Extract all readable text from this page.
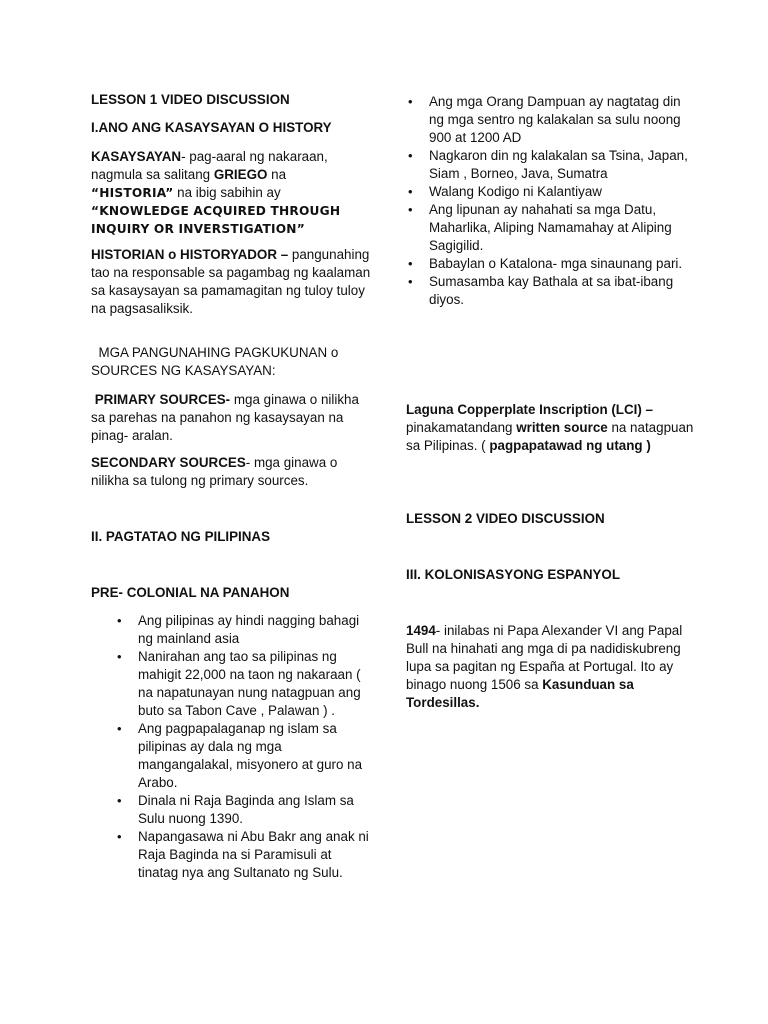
LESSON 1 VIDEO DISCUSSION
I.ANO ANG KASAYSAYAN O HISTORY

KASAYSAYAN- pag-aaral ng nakaraan, nagmula sa salitang GRIEGO na “HISTORIA” na ibig sabihin ay “KNOWLEDGE ACQUIRED THROUGH INQUIRY OR INVERSTIGATION”

HISTORIAN o HISTORYADOR – pangunahing tao na responsable sa pagambag ng kaalaman sa kasaysayan sa pamamagitan ng tuloy tuloy na pagsasaliksik.

MGA PANGUNAHING PAGKUKUNAN o SOURCES NG KASAYSAYAN:

PRIMARY SOURCES- mga ginawa o nilikha sa parehas na panahon ng kasaysayan na pinag- aralan.

SECONDARY SOURCES- mga ginawa o nilikha sa tulong ng primary sources.

II. PAGTATAO NG PILIPINAS
PRE- COLONIAL NA PANAHON
• Ang pilipinas ay hindi nagging bahagi ng mainland asia
• Nanirahan ang tao sa pilipinas ng mahigit 22,000 na taon ng nakaraan ( na napatunayan nung natagpuan ang buto sa Tabon Cave , Palawan ) .
• Ang pagpapalaganap ng islam sa pilipinas ay dala ng mga mangangalakal, misyonero at guro na Arabo.
• Dinala ni Raja Baginda ang Islam sa Sulu nuong 1390.
• Napangasawa ni Abu Bakr ang anak ni Raja Baginda na si Paramisuli at tinatag nya ang Sultanato ng Sulu.
• Ang mga Orang Dampuan ay nagtatag din ng mga sentro ng kalakalan sa sulu noong 900 at 1200 AD
• Nagkaron din ng kalakalan sa Tsina, Japan, Siam , Borneo, Java, Sumatra
• Walang Kodigo ni Kalantiyaw
• Ang lipunan ay nahahati sa mga Datu, Maharlika, Aliping Namamahay at Aliping Sagigilid.
• Babaylan o Katalona- mga sinaunang pari.
• Sumasamba kay Bathala at sa ibat-ibang diyos.

Laguna Copperplate Inscription (LCI) – pinakamatandang written source na natagpuan sa Pilipinas. ( pagpapatawad ng utang )

LESSON 2 VIDEO DISCUSSION
III. KOLONISASYONG ESPANYOL

1494- inilabas ni Papa Alexander VI ang Papal Bull na hinahati ang mga di pa nadidiskubreng lupa sa pagitan ng España at Portugal. Ito ay binago nuong 1506 sa Kasunduan sa Tordesillas.
